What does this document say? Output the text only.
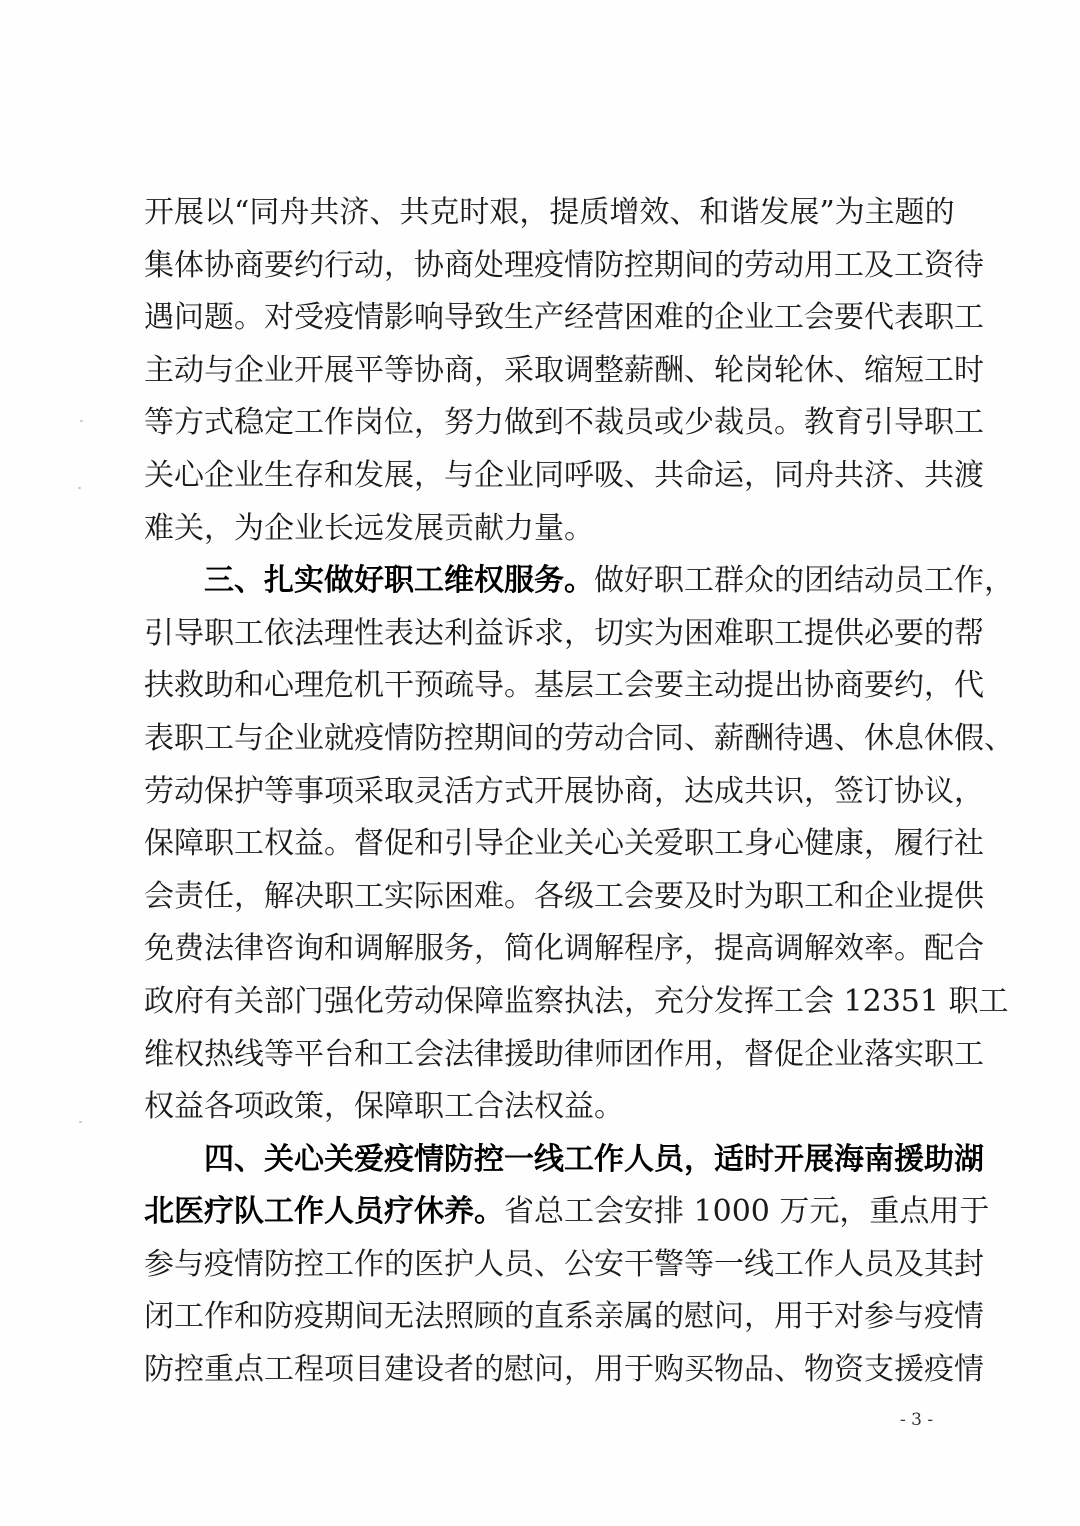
开展以“同舟共济、共克时艰，提质增效、和谐发展”为主题的
集体协商要约行动，协商处理疫情防控期间的劳动用工及工资待
遇问题。对受疫情影响导致生产经营困难的企业工会要代表职工
主动与企业开展平等协商，采取调整薪酬、轮岗轮休、缩短工时
等方式稳定工作岗位，努力做到不裁员或少裁员。教育引导职工
关心企业生存和发展，与企业同呼吸、共命运，同舟共济、共渡
难关，为企业长远发展贡献力量。
三、扎实做好职工维权服务。做好职工群众的团结动员工作，
引导职工依法理性表达利益诉求，切实为困难职工提供必要的帮
扶救助和心理危机干预疏导。基层工会要主动提出协商要约，代
表职工与企业就疫情防控期间的劳动合同、薪酬待遇、休息休假、
劳动保护等事项采取灵活方式开展协商，达成共识，签订协议，
保障职工权益。督促和引导企业关心关爱职工身心健康，履行社
会责任，解决职工实际困难。各级工会要及时为职工和企业提供
免费法律咨询和调解服务，简化调解程序，提高调解效率。配合
政府有关部门强化劳动保障监察执法，充分发挥工会 12351 职工
维权热线等平台和工会法律援助律师团作用，督促企业落实职工
权益各项政策，保障职工合法权益。
四、关心关爱疫情防控一线工作人员，适时开展海南援助湖
北医疗队工作人员疗休养。省总工会安排 1000 万元，重点用于
参与疫情防控工作的医护人员、公安干警等一线工作人员及其封
闭工作和防疫期间无法照顾的直系亲属的慰问，用于对参与疫情
防控重点工程项目建设者的慰问，用于购买物品、物资支援疫情
- 3 -
